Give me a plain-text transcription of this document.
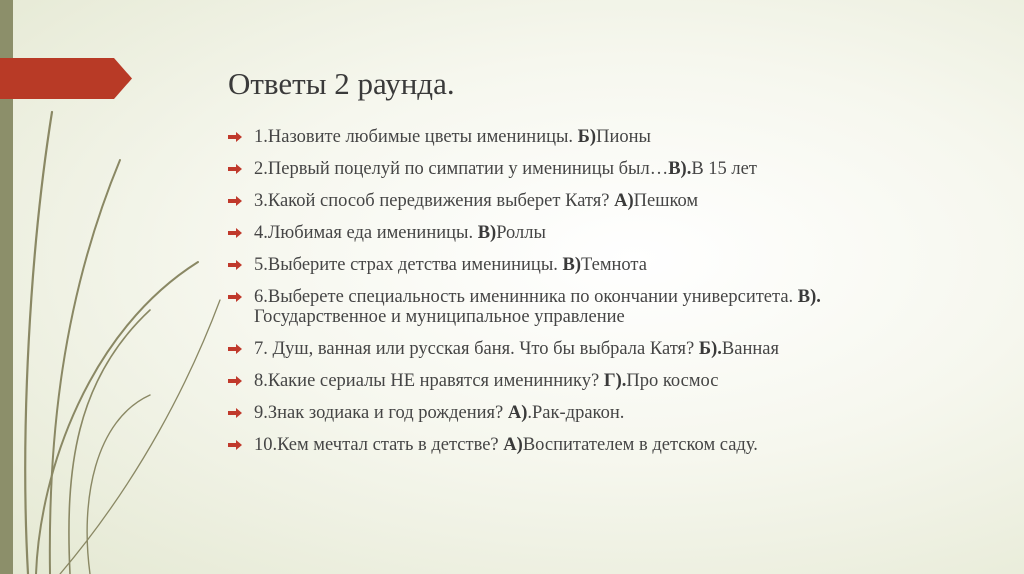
Ответы 2 раунда.
1.Назовите любимые цветы имениницы. Б)Пионы
2.Первый поцелуй по симпатии у имениницы был…В).В 15 лет
3.Какой способ передвижения выберет Катя? А)Пешком
4.Любимая еда имениницы. В)Роллы
5.Выберите страх детства имениницы. В)Темнота
6.Выберете специальность именинника по окончании университета. В).
Государственное и муниципальное управление
7. Душ, ванная или русская баня. Что бы выбрала Катя? Б).Ванная
8.Какие сериалы НЕ нравятся имениннику? Г).Про космос
9.Знак зодиака и год рождения? А).Рак-дракон.
10.Кем мечтал стать в детстве? А)Воспитателем в детском саду.
